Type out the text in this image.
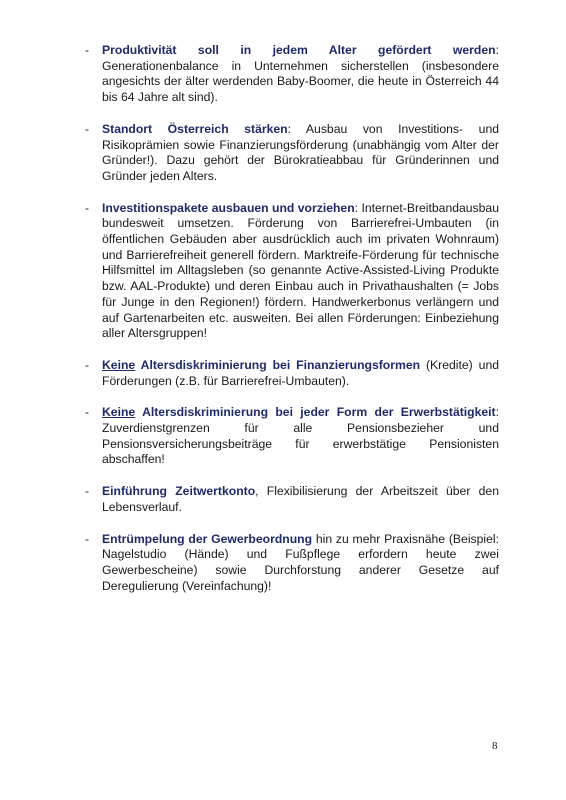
- Produktivität soll in jedem Alter gefördert werden: Generationenbalance in Unternehmen sicherstellen (insbesondere angesichts der älter werdenden Baby-Boomer, die heute in Österreich 44 bis 64 Jahre alt sind).
- Standort Österreich stärken: Ausbau von Investitions- und Risikoprämien sowie Finanzierungsförderung (unabhängig vom Alter der Gründer!). Dazu gehört der Bürokratieabbau für Gründerinnen und Gründer jeden Alters.
- Investitionspakete ausbauen und vorziehen: Internet-Breitbandausbau bundesweit umsetzen. Förderung von Barrierefrei-Umbauten (in öffentlichen Gebäuden aber ausdrücklich auch im privaten Wohnraum) und Barrierefreiheit generell fördern. Marktreife-Förderung für technische Hilfsmittel im Alltagsleben (so genannte Active-Assisted-Living Produkte bzw. AAL-Produkte) und deren Einbau auch in Privathaushalten (= Jobs für Junge in den Regionen!) fördern. Handwerkerbonus verlängern und auf Gartenarbeiten etc. ausweiten. Bei allen Förderungen: Einbeziehung aller Altersgruppen!
- Keine Altersdiskriminierung bei Finanzierungsformen (Kredite) und Förderungen (z.B. für Barrierefrei-Umbauten).
- Keine Altersdiskriminierung bei jeder Form der Erwerbstätigkeit: Zuverdienstgrenzen für alle Pensionsbezieher und Pensionsversicherungsbeiträge für erwerbstätige Pensionisten abschaffen!
- Einführung Zeitwertkonto, Flexibilisierung der Arbeitszeit über den Lebensverlauf.
- Entrümpelung der Gewerbeordnung hin zu mehr Praxisnähe (Beispiel: Nagelstudio (Hände) und Fußpflege erfordern heute zwei Gewerbescheine) sowie Durchforstung anderer Gesetze auf Deregulierung (Vereinfachung)!
8
